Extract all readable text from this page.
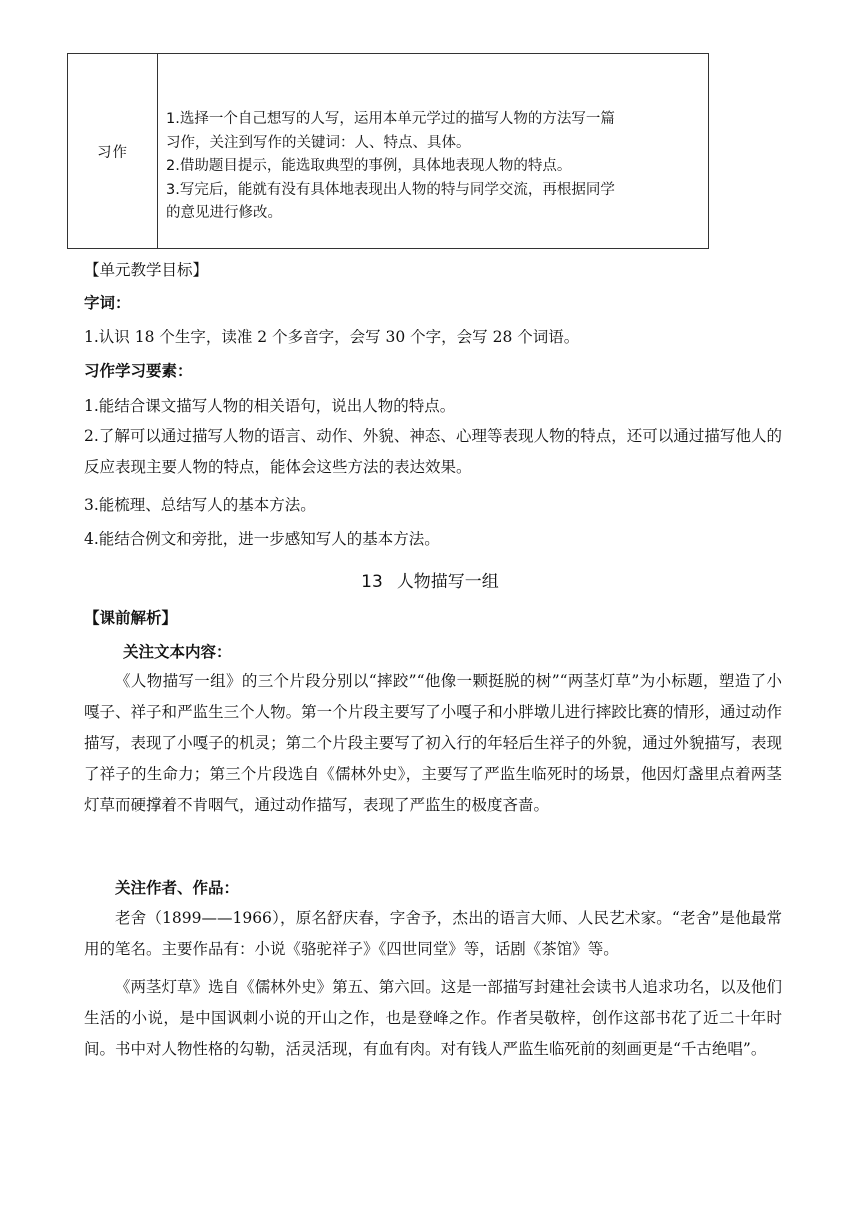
习作

1.选择一个自己想写的人写，运用本单元学过的描写人物的方法写一篇

习作，关注到写作的关键词：人、特点、具体。

2.借助题目提示，能选取典型的事例，具体地表现人物的特点。

3.写完后，能就有没有具体地表现出人物的特与同学交流，再根据同学

的意见进行修改。

【单元教学目标】

字词：

1.认识 18 个生字，读准 2 个多音字，会写 30 个字，会写 28 个词语。

习作学习要素：

1.能结合课文描写人物的相关语句，说出人物的特点。

2.了解可以通过描写人物的语言、动作、外貌、神态、心理等表现人物的特点，还可以通过描写他人的反应表现主要人物的特点，能体会这些方法的表达效果。

3.能梳理、总结写人的基本方法。

4.能结合例文和旁批，进一步感知写人的基本方法。

13 人物描写一组

【课前解析】

关注文本内容：

《人物描写一组》的三个片段分别以“摔跤”“他像一颗挺脱的树”“两茎灯草”为小标题，塑造了小嘎子、祥子和严监生三个人物。第一个片段主要写了小嘎子和小胖墩儿进行摔跤比赛的情形，通过动作描写，表现了小嘎子的机灵；第二个片段主要写了初入行的年轻后生祥子的外貌，通过外貌描写，表现了祥子的生命力；第三个片段选自《儒林外史》，主要写了严监生临死时的场景，他因灯盏里点着两茎灯草而硬撑着不肯咽气，通过动作描写，表现了严监生的极度吝啬。

关注作者、作品：

老舍（1899——1966），原名舒庆春，字舍予，杰出的语言大师、人民艺术家。“老舍”是他最常用的笔名。主要作品有：小说《骆驼祥子》《四世同堂》等，话剧《茶馆》等。

《两茎灯草》选自《儒林外史》第五、第六回。这是一部描写封建社会读书人追求功名，以及他们生活的小说，是中国讽刺小说的开山之作，也是登峰之作。作者吴敬梓，创作这部书花了近二十年时间。书中对人物性格的勾勒，活灵活现，有血有肉。对有钱人严监生临死前的刻画更是“千古绝唱”。
